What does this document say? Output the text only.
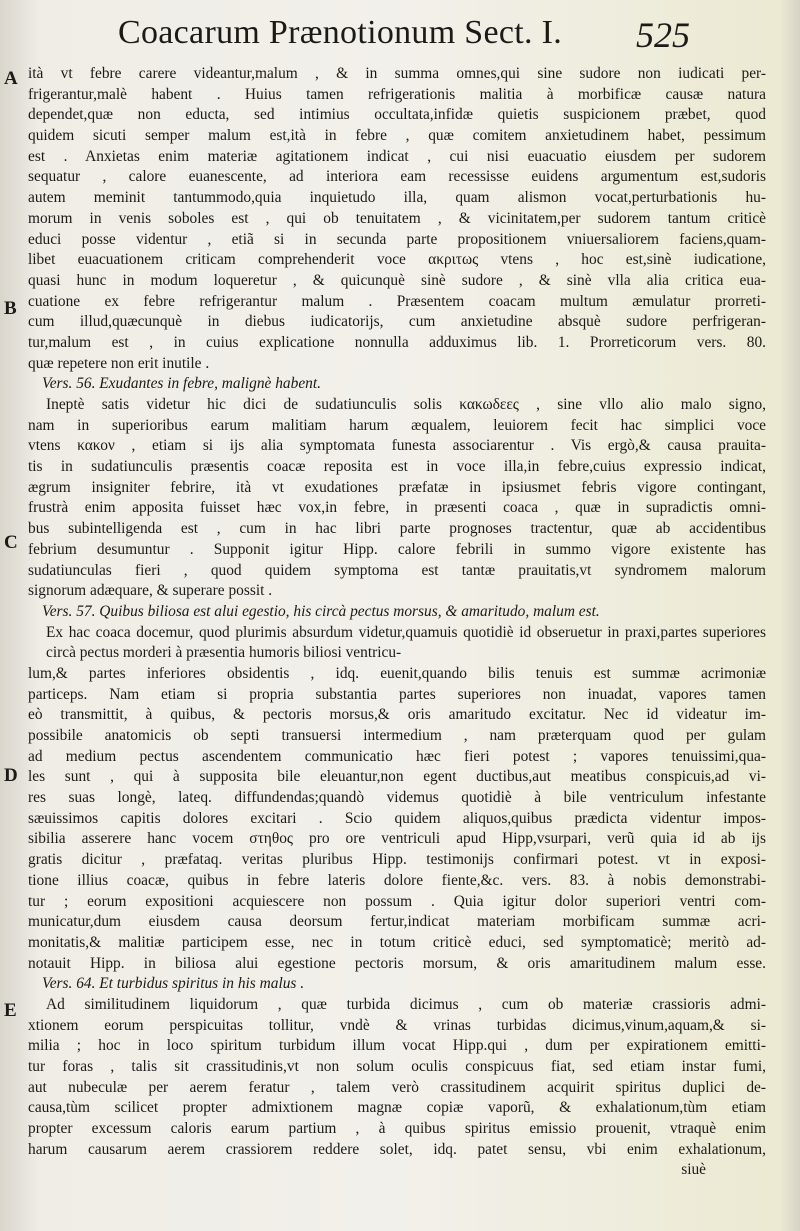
Coacarum Prænotionum Sect. I. 525
A
B
C
D
E
ità vt febre carere videantur,malum , & in summa omnes,qui sine sudore non iudicati per-
frigerantur,malè habent . Huius tamen refrigerationis malitia à morbificæ causæ natura
dependet,quæ non educta, sed intimius occultata,infidæ quietis suspicionem præbet, quod
quidem sicuti semper malum est,ità in febre , quæ comitem anxietudinem habet, pessimum
est . Anxietas enim materiæ agitationem indicat , cui nisi euacuatio eiusdem per sudorem
sequatur , calore euanescente, ad interiora eam recessisse euidens argumentum est,sudoris
autem meminit tantummodo,quia inquietudo illa, quam alismon vocat,perturbationis hu-
morum in venis soboles est , qui ob tenuitatem , & vicinitatem,per sudorem tantum criticè
educi posse videntur , etiã si in secunda parte propositionem vniuersaliorem faciens,quam-
libet euacuationem criticam comprehenderit voce ακριτως vtens , hoc est,sinè iudicatione,
quasi hunc in modum loqueretur , & quicunquè sinè sudore , & sinè vlla alia critica eua-
cuatione ex febre refrigerantur malum . Præsentem coacam multum æmulatur prorreti-
cum illud,quæcunquè in diebus iudicatorijs, cum anxietudine absquè sudore perfrigeran-
tur,malum est , in cuius explicatione nonnulla adduximus lib. 1. Prorreticorum vers. 80.
quæ repetere non erit inutile .
Vers. 56. Exudantes in febre, malignè habent.
Ineptè satis videtur hic dici de sudatiunculis solis κακωδεες , sine vllo alio malo signo,
nam in superioribus earum malitiam harum æqualem, leuiorem fecit hac simplici voce
vtens κακον , etiam si ijs alia symptomata funesta associarentur . Vis ergò,& causa prauita-
tis in sudatiunculis præsentis coacæ reposita est in voce illa,in febre,cuius expressio indicat,
ægrum insigniter febrire, ità vt exudationes præfatæ in ipsiusmet febris vigore contingant,
frustrà enim apposita fuisset hæc vox,in febre, in præsenti coaca , quæ in supradictis omni-
bus subintelligenda est , cum in hac libri parte prognoses tractentur, quæ ab accidentibus
febrium desumuntur . Supponit igitur Hipp. calore febrili in summo vigore existente has
sudatiunculas fieri , quod quidem symptoma est tantæ prauitatis,vt syndromem malorum
signorum adæquare, & superare possit .
Vers. 57. Quibus biliosa est alui egestio, his circà pectus morsus, & amaritudo, malum est.
Ex hac coaca docemur, quod plurimis absurdum videtur,quamuis quotidiè id obseruetur in praxi,partes superiores circà pectus morderi à præsentia humoris biliosi ventricu-
lum,& partes inferiores obsidentis , idq. euenit,quando bilis tenuis est summæ acrimoniæ
particeps. Nam etiam si propria substantia partes superiores non inuadat, vapores tamen
eò transmittit, à quibus, & pectoris morsus,& oris amaritudo excitatur. Nec id videatur im-
possibile anatomicis ob septi transuersi intermedium , nam præterquam quod per gulam
ad medium pectus ascendentem communicatio hæc fieri potest ; vapores tenuissimi,qua-
les sunt , qui à supposita bile eleuantur,non egent ductibus,aut meatibus conspicuis,ad vi-
res suas longè, lateq. diffundendas;quandò videmus quotidiè à bile ventriculum infestante
sæuissimos capitis dolores excitari . Scio quidem aliquos,quibus prædicta videntur impos-
sibilia asserere hanc vocem στηθος pro ore ventriculi apud Hipp,vsurpari, verũ quia id ab ijs
gratis dicitur , præfataq. veritas pluribus Hipp. testimonijs confirmari potest. vt in exposi-
tione illius coacæ, quibus in febre lateris dolore fiente,&c. vers. 83. à nobis demonstrabi-
tur ; eorum expositioni acquiescere non possum . Quia igitur dolor superiori ventri com-
municatur,dum eiusdem causa deorsum fertur,indicat materiam morbificam summæ acri-
monitatis,& malitiæ participem esse, nec in totum criticè educi, sed symptomaticè; meritò ad-
notauit Hipp. in biliosa alui egestione pectoris morsum, & oris amaritudinem malum esse.
Vers. 64. Et turbidus spiritus in his malus .
Ad similitudinem liquidorum , quæ turbida dicimus , cum ob materiæ crassioris admi-
xtionem eorum perspicuitas tollitur, vndè & vrinas turbidas dicimus,vinum,aquam,& si-
milia ; hoc in loco spiritum turbidum illum vocat Hipp.qui , dum per expirationem emitti-
tur foras , talis sit crassitudinis,vt non solum oculis conspicuus fiat, sed etiam instar fumi,
aut nubeculæ per aerem feratur , talem verò crassitudinem acquirit spiritus duplici de-
causa,tùm scilicet propter admixtionem magnæ copiæ vaporũ, & exhalationum,tùm etiam
propter excessum caloris earum partium , à quibus spiritus emissio prouenit, vtraquè enim
harum causarum aerem crassiorem reddere solet, idq. patet sensu, vbi enim exhalationum,
siuè
